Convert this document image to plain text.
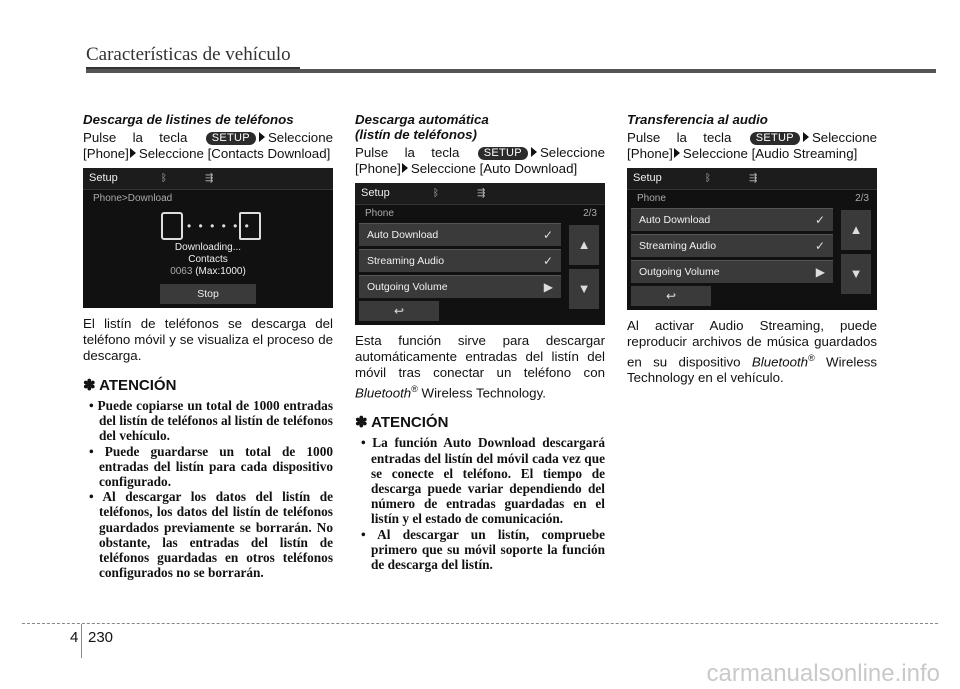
Características de vehículo

Descarga de listines de teléfonos

Pulse la tecla SETUP Seleccione [Phone] Seleccione [Contacts Download]

Setup	ᛒ	⇶
Phone>Download
• • • • • •
Downloading...
Contacts
0063 (Max:1000)
Stop

El listín de teléfonos se descarga del teléfono móvil y se visualiza el proceso de descarga.

✽ ATENCIÓN
• Puede copiarse un total de 1000 entradas del listín de teléfonos al listín de teléfonos del vehículo.
• Puede guardarse un total de 1000 entradas del listín para cada dispositivo configurado.
• Al descargar los datos del listín de teléfonos, los datos del listín de teléfonos guardados previamente se borrarán. No obstante, las entradas del listín de teléfonos guardadas en otros teléfonos configurados no se borrarán.

Descarga automática

(listín de teléfonos)

Pulse la tecla SETUP Seleccione [Phone] Seleccione [Auto Download]

Setup	ᛒ	⇶
Phone	2/3
Auto Download	✓
Streaming Audio	✓
Outgoing Volume	▶
▲
▼
↩

Esta función sirve para descargar automáticamente entradas del listín del móvil tras conectar un teléfono con Bluetooth® Wireless Technology.

✽ ATENCIÓN
• La función Auto Download descargará entradas del listín del móvil cada vez que se conecte el teléfono. El tiempo de descarga puede variar dependiendo del número de entradas guardadas en el listín y el estado de comunicación.
• Al descargar un listín, compruebe primero que su móvil soporte la función de descarga del listín.

Transferencia al audio

Pulse la tecla SETUP Seleccione [Phone] Seleccione [Audio Streaming]

Setup	ᛒ	⇶
Phone	2/3
Auto Download	✓
Streaming Audio	✓
Outgoing Volume	▶
▲
▼
↩

Al activar Audio Streaming, puede reproducir archivos de música guardados en su dispositivo Bluetooth® Wireless Technology en el vehículo.

4 230
carmanualsonline.info
